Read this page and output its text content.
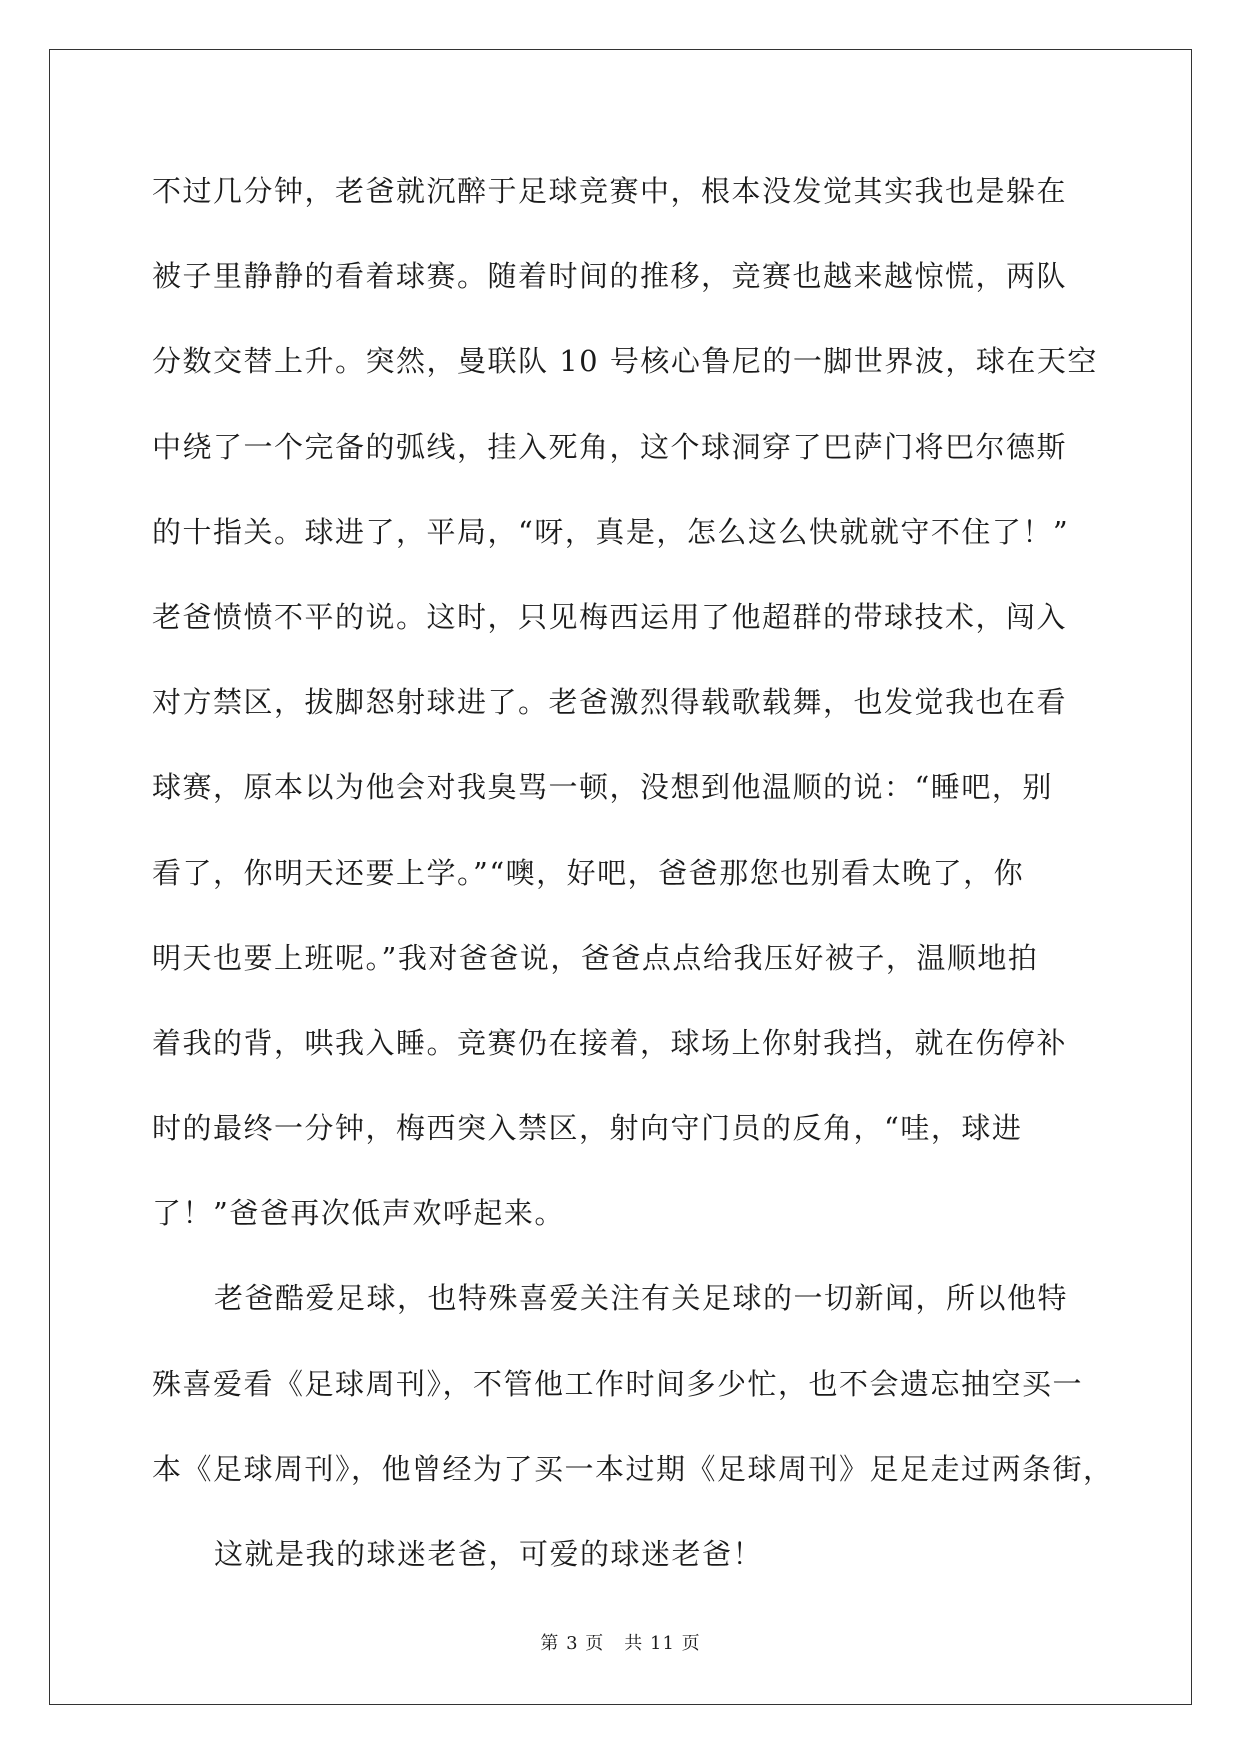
不过几分钟，老爸就沉醉于足球竞赛中，根本没发觉其实我也是躲在
被子里静静的看着球赛。随着时间的推移，竞赛也越来越惊慌，两队
分数交替上升。突然，曼联队 10 号核心鲁尼的一脚世界波，球在天空
中绕了一个完备的弧线，挂入死角，这个球洞穿了巴萨门将巴尔德斯
的十指关。球进了，平局，“呀，真是，怎么这么快就就守不住了！”
老爸愤愤不平的说。这时，只见梅西运用了他超群的带球技术，闯入
对方禁区，拔脚怒射球进了。老爸激烈得载歌载舞，也发觉我也在看
球赛，原本以为他会对我臭骂一顿，没想到他温顺的说：“睡吧，别
看了，你明天还要上学。”“噢，好吧，爸爸那您也别看太晚了，你
明天也要上班呢。”我对爸爸说，爸爸点点给我压好被子，温顺地拍
着我的背，哄我入睡。竞赛仍在接着，球场上你射我挡，就在伤停补
时的最终一分钟，梅西突入禁区，射向守门员的反角，“哇，球进
了！”爸爸再次低声欢呼起来。
老爸酷爱足球，也特殊喜爱关注有关足球的一切新闻，所以他特
殊喜爱看《足球周刊》，不管他工作时间多少忙，也不会遗忘抽空买一
本《足球周刊》，他曾经为了买一本过期《足球周刊》足足走过两条街，
这就是我的球迷老爸，可爱的球迷老爸！
第 3 页 共 11 页
